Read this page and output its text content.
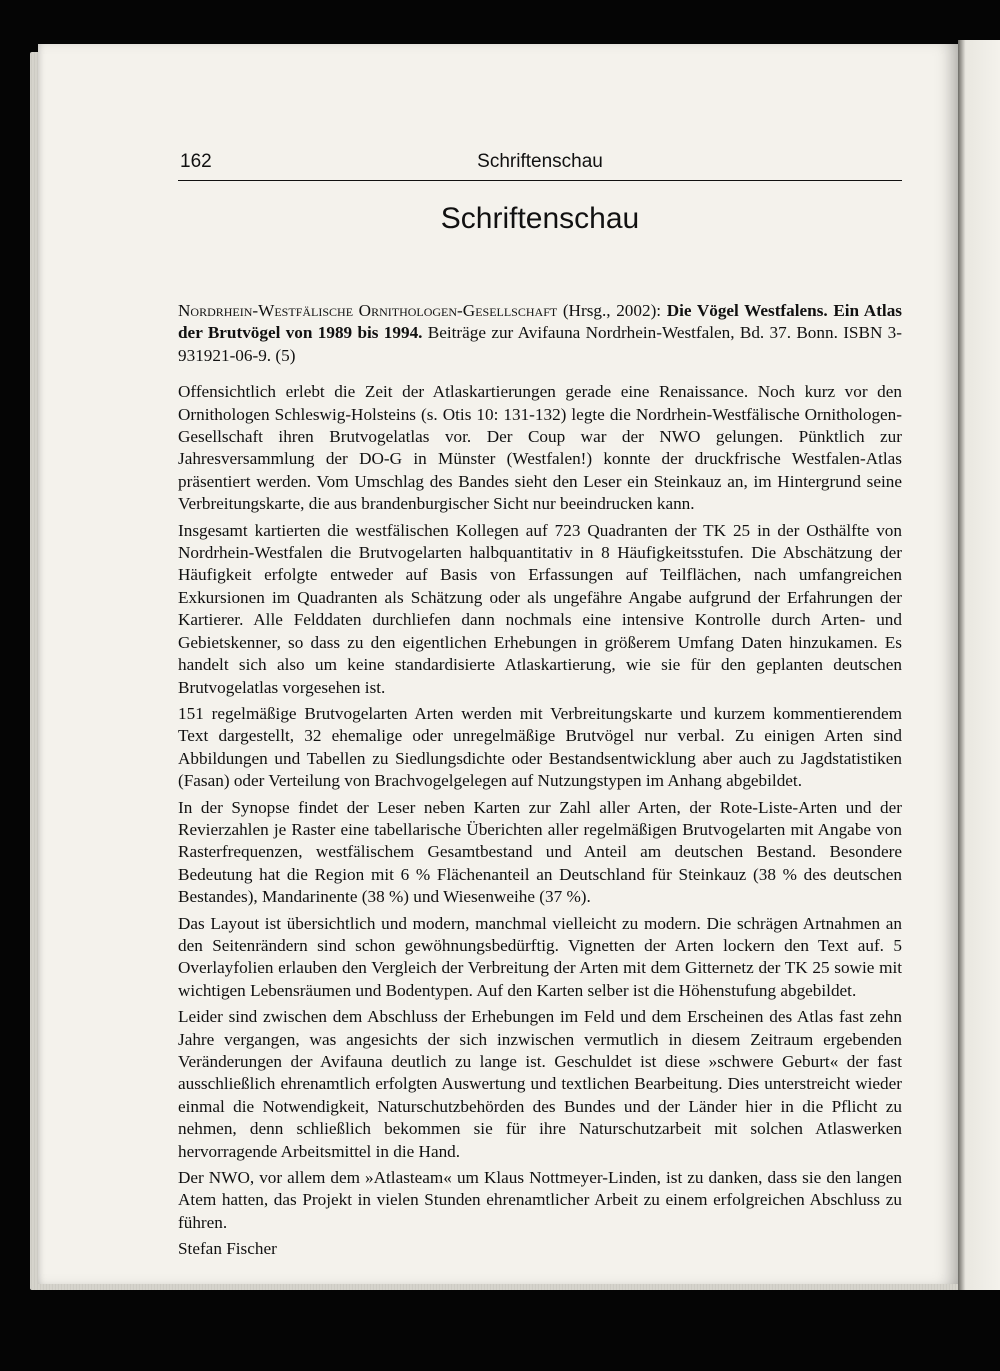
162	Schriftenschau
Schriftenschau

Nordrhein-Westfälische Ornithologen-Gesellschaft (Hrsg., 2002): Die Vögel Westfalens. Ein Atlas der Brutvögel von 1989 bis 1994. Beiträge zur Avifauna Nordrhein-Westfalen, Bd. 37. Bonn. ISBN 3-931921-06-9. (5)

Offensichtlich erlebt die Zeit der Atlaskartierungen gerade eine Renaissance. Noch kurz vor den Ornithologen Schleswig-Holsteins (s. Otis 10: 131-132) legte die Nordrhein-Westfälische Ornithologen-Gesellschaft ihren Brutvogelatlas vor. Der Coup war der NWO gelungen. Pünktlich zur Jahresversammlung der DO-G in Münster (Westfalen!) konnte der druckfrische Westfalen-Atlas präsentiert werden. Vom Umschlag des Bandes sieht den Leser ein Steinkauz an, im Hintergrund seine Verbreitungskarte, die aus brandenburgischer Sicht nur beeindrucken kann.

Insgesamt kartierten die westfälischen Kollegen auf 723 Quadranten der TK 25 in der Osthälfte von Nordrhein-Westfalen die Brutvogelarten halbquantitativ in 8 Häufigkeitsstufen. Die Abschätzung der Häufigkeit erfolgte entweder auf Basis von Erfassungen auf Teilflächen, nach umfangreichen Exkursionen im Quadranten als Schätzung oder als ungefähre Angabe aufgrund der Erfahrungen der Kartierer. Alle Felddaten durchliefen dann nochmals eine intensive Kontrolle durch Arten- und Gebietskenner, so dass zu den eigentlichen Erhebungen in größerem Umfang Daten hinzukamen. Es handelt sich also um keine standardisierte Atlaskartierung, wie sie für den geplanten deutschen Brutvogelatlas vorgesehen ist.

151 regelmäßige Brutvogelarten Arten werden mit Verbreitungskarte und kurzem kommentierendem Text dargestellt, 32 ehemalige oder unregelmäßige Brutvögel nur verbal. Zu einigen Arten sind Abbildungen und Tabellen zu Siedlungsdichte oder Bestandsentwicklung aber auch zu Jagdstatistiken (Fasan) oder Verteilung von Brachvogelgelegen auf Nutzungstypen im Anhang abgebildet.

In der Synopse findet der Leser neben Karten zur Zahl aller Arten, der Rote-Liste-Arten und der Revierzahlen je Raster eine tabellarische Überichten aller regelmäßigen Brutvogelarten mit Angabe von Rasterfrequenzen, westfälischem Gesamtbestand und Anteil am deutschen Bestand. Besondere Bedeutung hat die Region mit 6 % Flächenanteil an Deutschland für Steinkauz (38 % des deutschen Bestandes), Mandarinente (38 %) und Wiesenweihe (37 %).

Das Layout ist übersichtlich und modern, manchmal vielleicht zu modern. Die schrägen Artnahmen an den Seitenrändern sind schon gewöhnungsbedürftig. Vignetten der Arten lockern den Text auf. 5 Overlayfolien erlauben den Vergleich der Verbreitung der Arten mit dem Gitternetz der TK 25 sowie mit wichtigen Lebensräumen und Bodentypen. Auf den Karten selber ist die Höhenstufung abgebildet.

Leider sind zwischen dem Abschluss der Erhebungen im Feld und dem Erscheinen des Atlas fast zehn Jahre vergangen, was angesichts der sich inzwischen vermutlich in diesem Zeitraum ergebenden Veränderungen der Avifauna deutlich zu lange ist. Geschuldet ist diese »schwere Geburt« der fast ausschließlich ehrenamtlich erfolgten Auswertung und textlichen Bearbeitung. Dies unterstreicht wieder einmal die Notwendigkeit, Naturschutzbehörden des Bundes und der Länder hier in die Pflicht zu nehmen, denn schließlich bekommen sie für ihre Naturschutzarbeit mit solchen Atlaswerken hervorragende Arbeitsmittel in die Hand.

Der NWO, vor allem dem »Atlasteam« um Klaus Nottmeyer-Linden, ist zu danken, dass sie den langen Atem hatten, das Projekt in vielen Stunden ehrenamtlicher Arbeit zu einem erfolgreichen Abschluss zu führen.

Stefan Fischer
